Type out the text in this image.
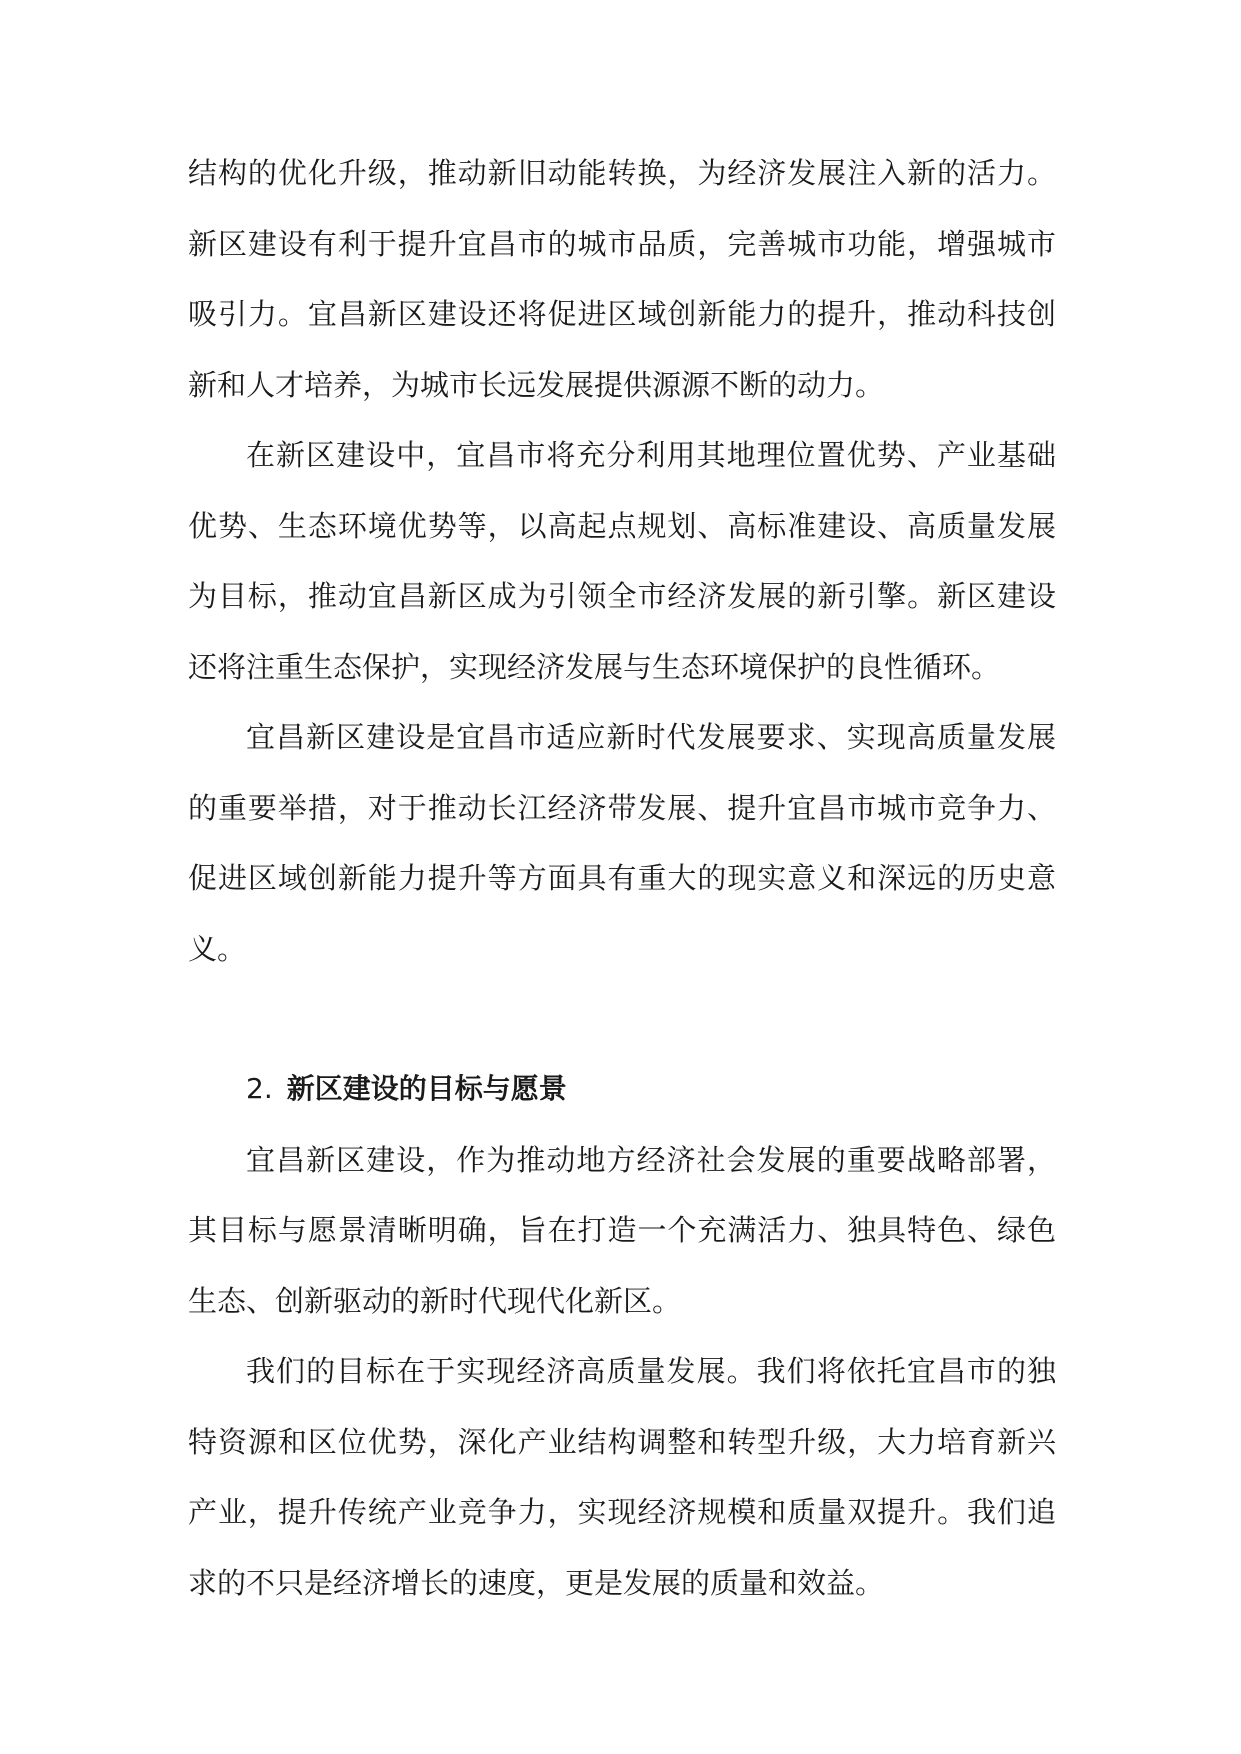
结构的优化升级，推动新旧动能转换，为经济发展注入新的活力。新区建设有利于提升宜昌市的城市品质，完善城市功能，增强城市吸引力。宜昌新区建设还将促进区域创新能力的提升，推动科技创新和人才培养，为城市长远发展提供源源不断的动力。

在新区建设中，宜昌市将充分利用其地理位置优势、产业基础优势、生态环境优势等，以高起点规划、高标准建设、高质量发展为目标，推动宜昌新区成为引领全市经济发展的新引擎。新区建设还将注重生态保护，实现经济发展与生态环境保护的良性循环。

宜昌新区建设是宜昌市适应新时代发展要求、实现高质量发展的重要举措，对于推动长江经济带发展、提升宜昌市城市竞争力、促进区域创新能力提升等方面具有重大的现实意义和深远的历史意义。

2. 新区建设的目标与愿景

宜昌新区建设，作为推动地方经济社会发展的重要战略部署，其目标与愿景清晰明确，旨在打造一个充满活力、独具特色、绿色生态、创新驱动的新时代现代化新区。

我们的目标在于实现经济高质量发展。我们将依托宜昌市的独特资源和区位优势，深化产业结构调整和转型升级，大力培育新兴产业，提升传统产业竞争力，实现经济规模和质量双提升。我们追求的不只是经济增长的速度，更是发展的质量和效益。
